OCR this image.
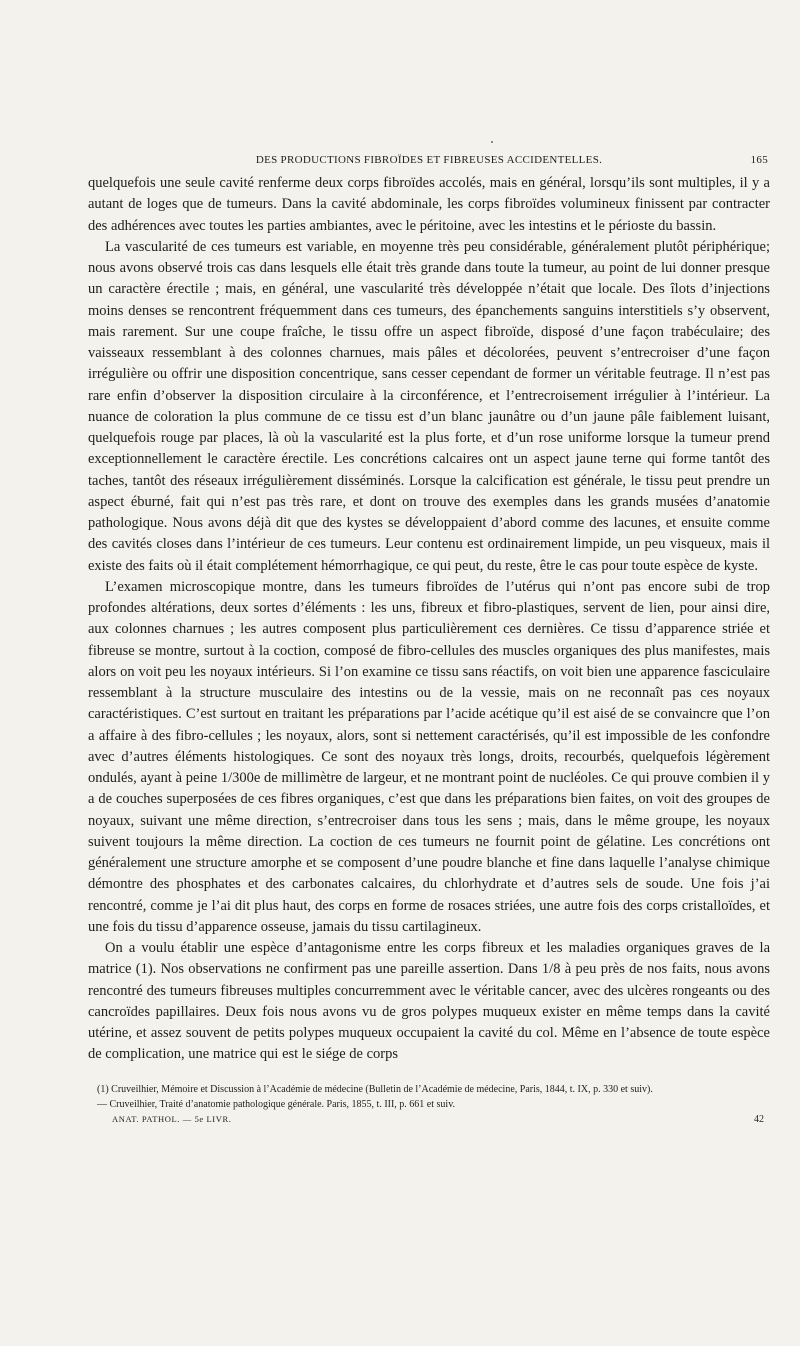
DES PRODUCTIONS FIBROÏDES ET FIBREUSES ACCIDENTELLES.	165

quelquefois une seule cavité renferme deux corps fibroïdes accolés, mais en général, lorsqu’ils sont multiples, il y a autant de loges que de tumeurs. Dans la cavité abdominale, les corps fibroïdes volumineux finissent par contracter des adhérences avec toutes les parties ambiantes, avec le péritoine, avec les intestins et le périoste du bassin.

La vascularité de ces tumeurs est variable, en moyenne très peu considérable, généralement plutôt périphérique; nous avons observé trois cas dans lesquels elle était très grande dans toute la tumeur, au point de lui donner presque un caractère érectile ; mais, en général, une vascularité très développée n’était que locale. Des îlots d’injections moins denses se rencontrent fréquemment dans ces tumeurs, des épanchements sanguins interstitiels s’y observent, mais rarement. Sur une coupe fraîche, le tissu offre un aspect fibroïde, disposé d’une façon trabéculaire; des vaisseaux ressemblant à des colonnes charnues, mais pâles et décolorées, peuvent s’entrecroiser d’une façon irrégulière ou offrir une disposition concentrique, sans cesser cependant de former un véritable feutrage. Il n’est pas rare enfin d’observer la disposition circulaire à la circonférence, et l’entrecroisement irrégulier à l’intérieur. La nuance de coloration la plus commune de ce tissu est d’un blanc jaunâtre ou d’un jaune pâle faiblement luisant, quelquefois rouge par places, là où la vascularité est la plus forte, et d’un rose uniforme lorsque la tumeur prend exceptionnellement le caractère érectile. Les concrétions calcaires ont un aspect jaune terne qui forme tantôt des taches, tantôt des réseaux irrégulièrement disséminés. Lorsque la calcification est générale, le tissu peut prendre un aspect éburné, fait qui n’est pas très rare, et dont on trouve des exemples dans les grands musées d’anatomie pathologique. Nous avons déjà dit que des kystes se développaient d’abord comme des lacunes, et ensuite comme des cavités closes dans l’intérieur de ces tumeurs. Leur contenu est ordinairement limpide, un peu visqueux, mais il existe des faits où il était complétement hémorrhagique, ce qui peut, du reste, être le cas pour toute espèce de kyste.

L’examen microscopique montre, dans les tumeurs fibroïdes de l’utérus qui n’ont pas encore subi de trop profondes altérations, deux sortes d’éléments : les uns, fibreux et fibro-plastiques, servent de lien, pour ainsi dire, aux colonnes charnues ; les autres composent plus particulièrement ces dernières. Ce tissu d’apparence striée et fibreuse se montre, surtout à la coction, composé de fibro-cellules des muscles organiques des plus manifestes, mais alors on voit peu les noyaux intérieurs. Si l’on examine ce tissu sans réactifs, on voit bien une apparence fasciculaire ressemblant à la structure musculaire des intestins ou de la vessie, mais on ne reconnaît pas ces noyaux caractéristiques. C’est surtout en traitant les préparations par l’acide acétique qu’il est aisé de se convaincre que l’on a affaire à des fibro-cellules ; les noyaux, alors, sont si nettement caractérisés, qu’il est impossible de les confondre avec d’autres éléments histologiques. Ce sont des noyaux très longs, droits, recourbés, quelquefois légèrement ondulés, ayant à peine 1/300e de millimètre de largeur, et ne montrant point de nucléoles. Ce qui prouve combien il y a de couches superposées de ces fibres organiques, c’est que dans les préparations bien faites, on voit des groupes de noyaux, suivant une même direction, s’entrecroiser dans tous les sens ; mais, dans le même groupe, les noyaux suivent toujours la même direction. La coction de ces tumeurs ne fournit point de gélatine. Les concrétions ont généralement une structure amorphe et se composent d’une poudre blanche et fine dans laquelle l’analyse chimique démontre des phosphates et des carbonates calcaires, du chlorhydrate et d’autres sels de soude. Une fois j’ai rencontré, comme je l’ai dit plus haut, des corps en forme de rosaces striées, une autre fois des corps cristalloïdes, et une fois du tissu d’apparence osseuse, jamais du tissu cartilagineux.

On a voulu établir une espèce d’antagonisme entre les corps fibreux et les maladies organiques graves de la matrice (1). Nos observations ne confirment pas une pareille assertion. Dans 1/8 à peu près de nos faits, nous avons rencontré des tumeurs fibreuses multiples concurremment avec le véritable cancer, avec des ulcères rongeants ou des cancroïdes papillaires. Deux fois nous avons vu de gros polypes muqueux exister en même temps dans la cavité utérine, et assez souvent de petits polypes muqueux occupaient la cavité du col. Même en l’absence de toute espèce de complication, une matrice qui est le siége de corps

(1) Cruveilhier, Mémoire et Discussion à l’Académie de médecine (Bulletin de l’Académie de médecine, Paris, 1844, t. IX, p. 330 et suiv).

— Cruveilhier, Traité d’anatomie pathologique générale. Paris, 1855, t. III, p. 661 et suiv.

ANAT. PATHOL. — 5e LIVR.	42
